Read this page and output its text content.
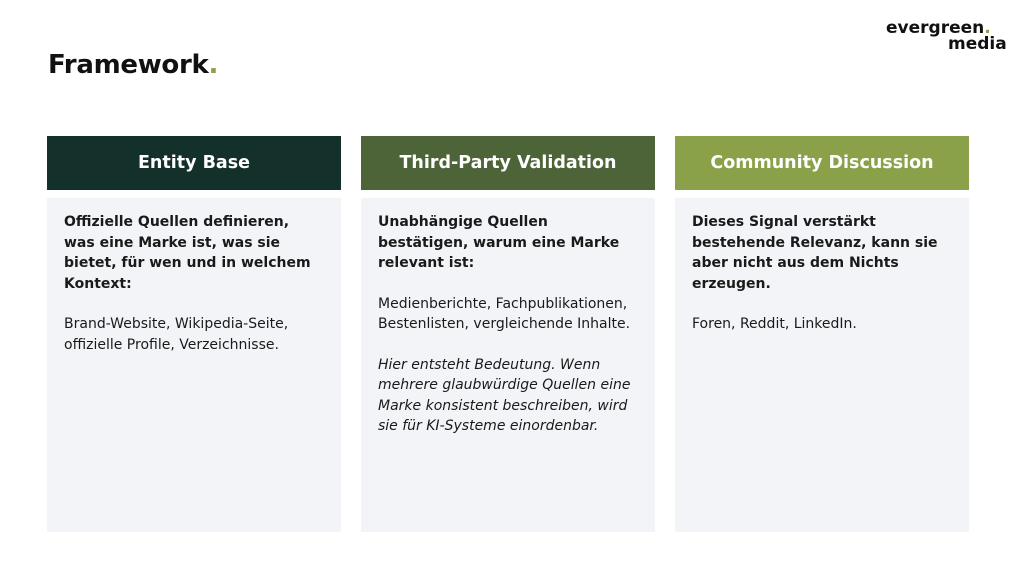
Framework.
evergreen.
media
Entity Base

Offizielle Quellen definieren, was eine Marke ist, was sie bietet, für wen und in welchem Kontext:

Brand-Website, Wikipedia-Seite, offizielle Profile, Verzeichnisse.

Third-Party Validation

Unabhängige Quellen bestätigen, warum eine Marke relevant ist:

Medienberichte, Fachpublikationen, Bestenlisten, vergleichende Inhalte.

Hier entsteht Bedeutung. Wenn mehrere glaubwürdige Quellen eine Marke konsistent beschreiben, wird sie für KI-Systeme einordenbar.

Community Discussion

Dieses Signal verstärkt bestehende Relevanz, kann sie aber nicht aus dem Nichts erzeugen.

Foren, Reddit, LinkedIn.
